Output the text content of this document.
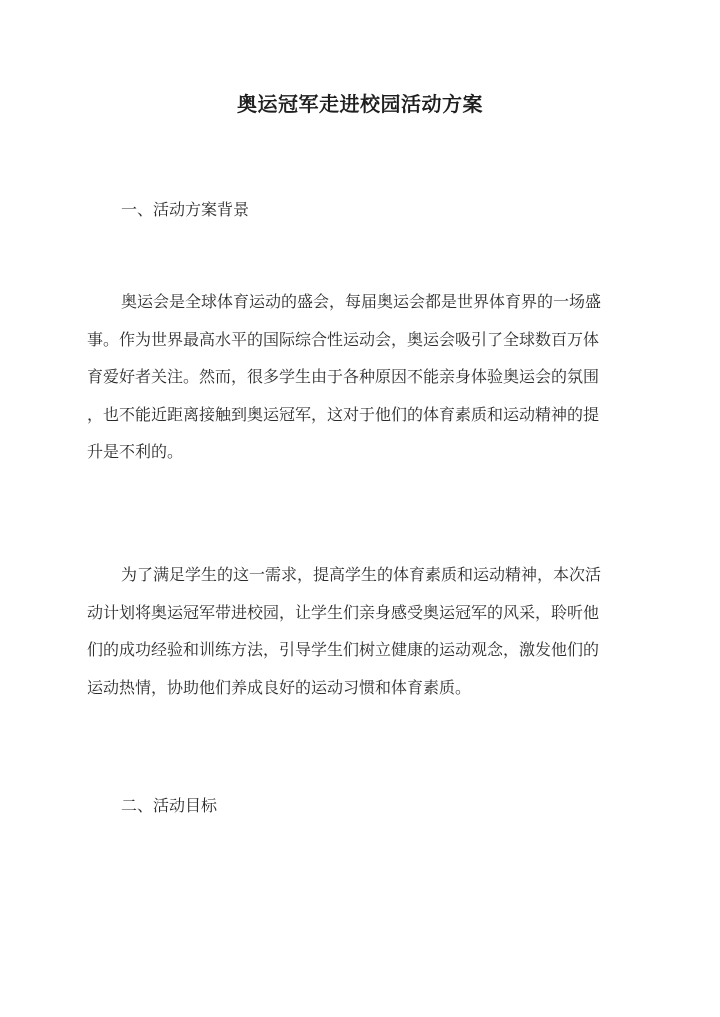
奥运冠军走进校园活动方案
一、活动方案背景
奥运会是全球体育运动的盛会，每届奥运会都是世界体育界的一场盛
事。作为世界最高水平的国际综合性运动会，奥运会吸引了全球数百万体
育爱好者关注。然而，很多学生由于各种原因不能亲身体验奥运会的氛围
，也不能近距离接触到奥运冠军，这对于他们的体育素质和运动精神的提
升是不利的。
为了满足学生的这一需求，提高学生的体育素质和运动精神，本次活
动计划将奥运冠军带进校园，让学生们亲身感受奥运冠军的风采，聆听他
们的成功经验和训练方法，引导学生们树立健康的运动观念，激发他们的
运动热情，协助他们养成良好的运动习惯和体育素质。
二、活动目标
